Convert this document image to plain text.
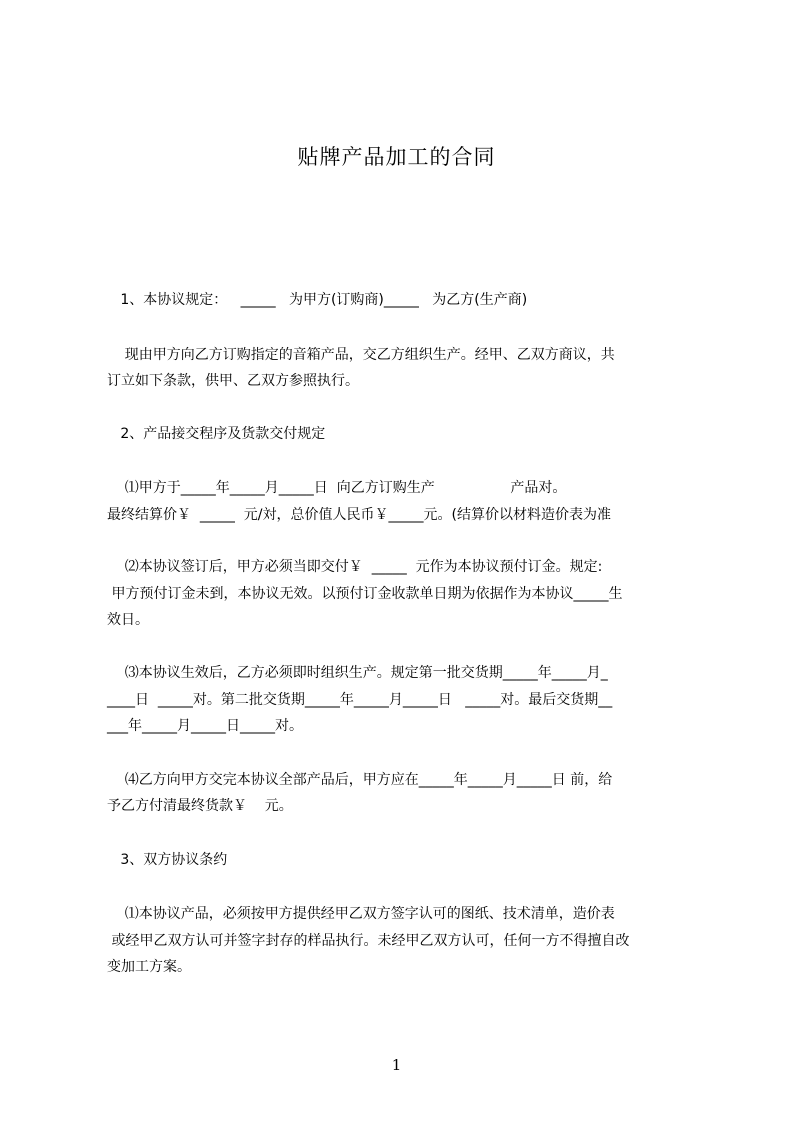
贴牌产品加工的合同
1、本协议规定：   _____   为甲方(订购商)_____   为乙方(生产商)
现由甲方向乙方订购指定的音箱产品，交乙方组织生产。经甲、乙双方商议，共
订立如下条款，供甲、乙双方参照执行。
2、产品接交程序及货款交付规定
⑴甲方于_____年_____月_____日  向乙方订购生产                 产品对。
最终结算价￥  _____  元/対，总价值人民币￥_____元。(结算价以材料造价表为准
⑵本协议签订后，甲方必须当即交付￥  _____  元作为本协议预付订金。规定:
甲方预付订金未到，本协议无效。以预付订金收款单日期为依据作为本协议_____生
效日。
⑶本协议生效后，乙方必须即时组织生产。规定第一批交货期_____年_____月_
____日  _____对。第二批交货期_____年_____月_____日   _____对。最后交货期__
___年_____月_____日_____对。
⑷乙方向甲方交完本协议全部产品后，甲方应在_____年_____月_____日 前，给
予乙方付清最终货款￥    元。
3、双方协议条约
⑴本协议产品，必须按甲方提供经甲乙双方签字认可的图纸、技术清单，造价表
或经甲乙双方认可并签字封存的样品执行。未经甲乙双方认可，任何一方不得擅自改
变加工方案。
1
